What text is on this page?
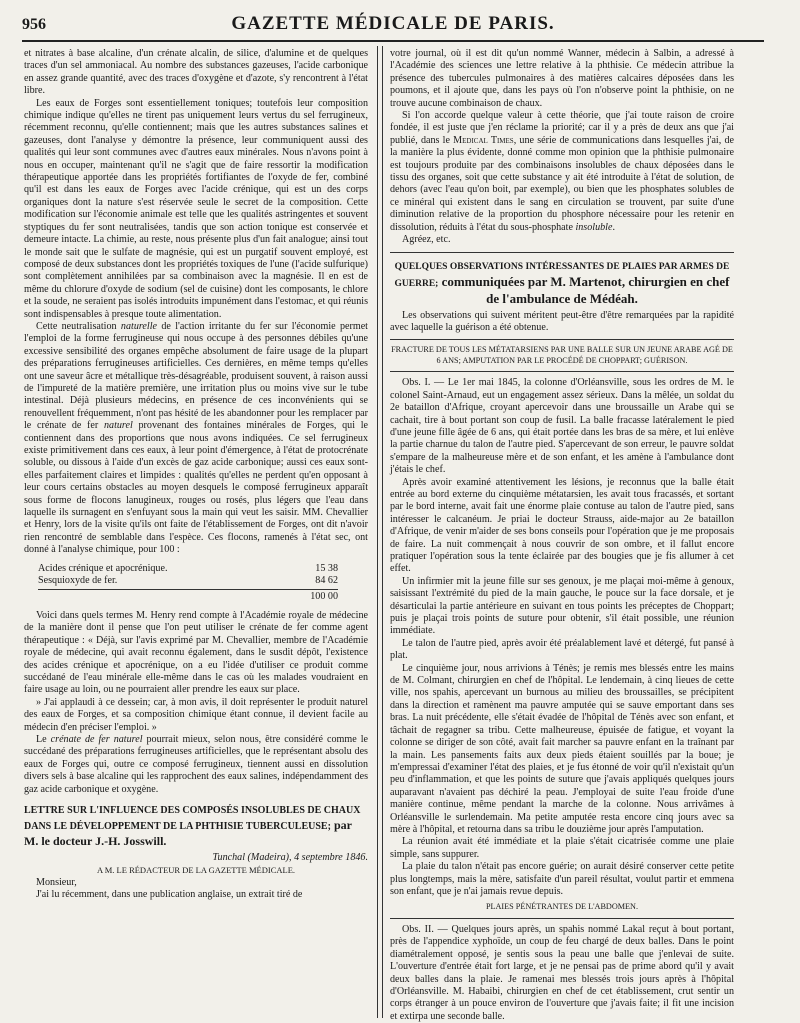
956	GAZETTE MÉDICALE DE PARIS.

et nitrates à base alcaline, d'un crénate alcalin, de silice, d'alumine et de quelques traces d'un sel ammoniacal. Au nombre des substances gazeuses, l'acide carbonique en assez grande quantité, avec des traces d'oxygène et d'azote, s'y rencontrent à l'état libre.

Les eaux de Forges sont essentiellement toniques; toutefois leur composition chimique indique qu'elles ne tirent pas uniquement leurs vertus du sel ferrugineux, récemment reconnu, qu'elle contiennent; mais que les autres substances salines et gazeuses, dont l'analyse y démontre la présence, leur communiquent aussi des qualités qui leur sont communes avec d'autres eaux minérales. Nous n'avons point à nous en occuper, maintenant qu'il ne s'agit que de faire ressortir la modification thérapeutique apportée dans les propriétés fortifiantes de l'oxyde de fer, combiné qu'il est dans les eaux de Forges avec l'acide crénique, qui est un des corps organiques dont la nature s'est réservée seule le secret de la composition. Cette modification sur l'économie animale est telle que les qualités astringentes et souvent styptiques du fer sont neutralisées, tandis que son action tonique est conservée et demeure intacte. La chimie, au reste, nous présente plus d'un fait analogue; ainsi tout le monde sait que le sulfate de magnésie, qui est un purgatif souvent employé, est composé de deux substances dont les propriétés toxiques de l'une (l'acide sulfurique) sont complètement annihilées par sa combinaison avec la magnésie. Il en est de même du chlorure d'oxyde de sodium (sel de cuisine) dont les composants, le chlore et la soude, ne seraient pas isolés introduits impunément dans l'estomac, et qui réunis sont indispensables à presque toute alimentation.

Cette neutralisation naturelle de l'action irritante du fer sur l'économie permet l'emploi de la forme ferrugineuse qui nous occupe à des personnes débiles qu'une excessive sensibilité des organes empêche absolument de faire usage de la plupart des préparations ferrugineuses artificielles. Ces dernières, en même temps qu'elles ont une saveur âcre et métallique très-désagréable, produisent souvent, à raison aussi de l'impureté de la matière première, une irritation plus ou moins vive sur le tube intestinal. Déjà plusieurs médecins, en présence de ces inconvénients qui se renouvellent fréquemment, n'ont pas hésité de les abandonner pour les remplacer par le crénate de fer naturel provenant des fontaines minérales de Forges, qui le contiennent dans des proportions que nous avons indiquées. Ce sel ferrugineux existe primitivement dans ces eaux, à leur point d'émergence, à l'état de protocrénate soluble, ou dissous à l'aide d'un excès de gaz acide carbonique; aussi ces eaux sont-elles parfaitement claires et limpides : qualités qu'elles ne perdent qu'en opposant à leur cours certains obstacles au moyen desquels le composé ferrugineux apparaît sous forme de flocons lanugineux, rouges ou rosés, plus légers que l'eau dans laquelle ils surnagent en s'enfuyant sous la main qui veut les saisir. MM. Chevallier et Henry, lors de la visite qu'ils ont faite de l'établissement de Forges, ont dit n'avoir rien rencontré de semblable dans l'espèce. Ces flocons, ramenés à l'état sec, ont donné à l'analyse chimique, pour 100 :

Acides crénique et apocrénique.	15 38
Sesquioxyde de fer.	84 62
100 00

Voici dans quels termes M. Henry rend compte à l'Académie royale de médecine de la manière dont il pense que l'on peut utiliser le crénate de fer comme agent thérapeutique : « Déjà, sur l'avis exprimé par M. Chevallier, membre de l'Académie royale de médecine, qui avait reconnu également, dans le susdit dépôt, l'existence des acides crénique et apocrénique, on a eu l'idée d'utiliser ce produit comme succédané de l'eau minérale elle-même dans le cas où les malades voudraient en faire usage au loin, ou ne pourraient aller prendre les eaux sur place.

» J'ai applaudi à ce dessein; car, à mon avis, il doit représenter le produit naturel des eaux de Forges, et sa composition chimique étant connue, il devient facile au médecin d'en préciser l'emploi. »

Le crénate de fer naturel pourrait mieux, selon nous, être considéré comme le succédané des préparations ferrugineuses artificielles, que le représentant absolu des eaux de Forges qui, outre ce composé ferrugineux, tiennent aussi en dissolution divers sels à base alcaline qui les rapprochent des eaux salines, indépendamment des gaz acide carbonique et oxygène.

LETTRE SUR L'INFLUENCE DES COMPOSÉS INSOLUBLES DE CHAUX DANS LE DÉVELOPPEMENT DE LA PHTHISIE TUBERCULEUSE; par M. le docteur J.-H. Josswill.

Tunchal (Madeira), 4 septembre 1846.

A M. LE RÉDACTEUR DE LA GAZETTE MÉDICALE.

Monsieur,

J'ai lu récemment, dans une publication anglaise, un extrait tiré de

votre journal, où il est dit qu'un nommé Wanner, médecin à Salbin, a adressé à l'Académie des sciences une lettre relative à la phthisie. Ce médecin attribue la présence des tubercules pulmonaires à des matières calcaires déposées dans les poumons, et il ajoute que, dans les pays où l'on n'observe point la phthisie, on ne trouve aucune combinaison de chaux.

Si l'on accorde quelque valeur à cette théorie, que j'ai toute raison de croire fondée, il est juste que j'en réclame la priorité; car il y a près de deux ans que j'ai publié, dans le Medical Times, une série de communications dans lesquelles j'ai, de la manière la plus évidente, donné comme mon opinion que la phthisie pulmonaire est toujours produite par des combinaisons insolubles de chaux déposées dans le tissu des organes, soit que cette substance y ait été introduite à l'état de solution, de dehors (avec l'eau qu'on boit, par exemple), ou bien que les phosphates solubles de ce minéral qui existent dans le sang en circulation se trouvent, par suite d'une diminution relative de la proportion du phosphore nécessaire pour les retenir en dissolution, réduits à l'état du sous-phosphate insoluble.

Agréez, etc.

QUELQUES OBSERVATIONS INTÉRESSANTES DE PLAIES PAR ARMES DE GUERRE; communiquées par M. Martenot, chirurgien en chef de l'ambulance de Médéah.

Les observations qui suivent méritent peut-être d'être remarquées par la rapidité avec laquelle la guérison a été obtenue.

FRACTURE DE TOUS LES MÉTATARSIENS PAR UNE BALLE SUR UN JEUNE ARABE AGÉ DE 6 ANS; AMPUTATION PAR LE PROCÉDÉ DE CHOPPART; GUÉRISON.

Obs. I. — Le 1er mai 1845, la colonne d'Orléansville, sous les ordres de M. le colonel Saint-Arnaud, eut un engagement assez sérieux. Dans la mêlée, un soldat du 2e bataillon d'Afrique, croyant apercevoir dans une broussaille un Arabe qui se cachait, tire à bout portant son coup de fusil. La balle fracasse latéralement le pied d'une jeune fille âgée de 6 ans, qui était portée dans les bras de sa mère, et lui enlève la partie charnue du talon de l'autre pied. S'apercevant de son erreur, le pauvre soldat s'empare de la malheureuse mère et de son enfant, et les amène à l'ambulance dont j'étais le chef.

Après avoir examiné attentivement les lésions, je reconnus que la balle était entrée au bord externe du cinquième métatarsien, les avait tous fracassés, et sortant par le bord interne, avait fait une énorme plaie contuse au talon de l'autre pied, sans intéresser le calcanéum. Je priai le docteur Strauss, aide-major au 2e bataillon d'Afrique, de venir m'aider de ses bons conseils pour l'opération que je me proposais de faire. La nuit commençait à nous couvrir de son ombre, et il fallut encore pratiquer l'opération sous la tente éclairée par des bougies que je fis allumer à cet effet.

Un infirmier mit la jeune fille sur ses genoux, je me plaçai moi-même à genoux, saisissant l'extrémité du pied de la main gauche, le pouce sur la face dorsale, et je désarticulai la partie antérieure en suivant en tous points les préceptes de Choppart; puis je plaçai trois points de suture pour obtenir, s'il était possible, une réunion immédiate.

Le talon de l'autre pied, après avoir été préalablement lavé et détergé, fut pansé à plat.

Le cinquième jour, nous arrivions à Ténès; je remis mes blessés entre les mains de M. Colmant, chirurgien en chef de l'hôpital. Le lendemain, à cinq lieues de cette ville, nos spahis, apercevant un burnous au milieu des broussailles, se précipitent dans la direction et ramènent ma pauvre amputée qui se sauve emportant dans ses bras. La nuit précédente, elle s'était évadée de l'hôpital de Ténès avec son enfant, et tâchait de regagner sa tribu. Cette malheureuse, épuisée de fatigue, et voyant la colonne se diriger de son côté, avait fait marcher sa pauvre enfant en la traînant par la main. Les pansements faits aux deux pieds étaient souillés par la boue; je m'empressai d'examiner l'état des plaies, et je fus étonné de voir qu'il n'existait qu'un peu d'inflammation, et que les points de suture que j'avais appliqués quelques jours auparavant n'avaient pas déchiré la peau. J'employai de suite l'eau froide d'une manière continue, même pendant la marche de la colonne. Nous arrivâmes à Orléansville le surlendemain. Ma petite amputée resta encore cinq jours avec sa mère à l'hôpital, et retourna dans sa tribu le douzième jour après l'amputation.

La réunion avait été immédiate et la plaie s'était cicatrisée comme une plaie simple, sans suppurer.

La plaie du talon n'était pas encore guérie; on aurait désiré conserver cette petite plus longtemps, mais la mère, satisfaite d'un pareil résultat, voulut partir et emmena son enfant, que je n'ai jamais revue depuis.

PLAIES PÉNÉTRANTES DE L'ABDOMEN.

Obs. II. — Quelques jours après, un spahis nommé Lakal reçut à bout portant, près de l'appendice xyphoïde, un coup de feu chargé de deux balles. Dans le point diamétralement opposé, je sentis sous la peau une balle que j'enlevai de suite. L'ouverture d'entrée était fort large, et je ne pensai pas de prime abord qu'il y avait deux balles dans la plaie. Je ramenai mes blessés trois jours après à l'hôpital d'Orléansville. M. Habaibi, chirurgien en chef de cet établissement, crut sentir un corps étranger à un pouce environ de l'ouverture que j'avais faite; il fit une incision et extirpa une seconde balle.
